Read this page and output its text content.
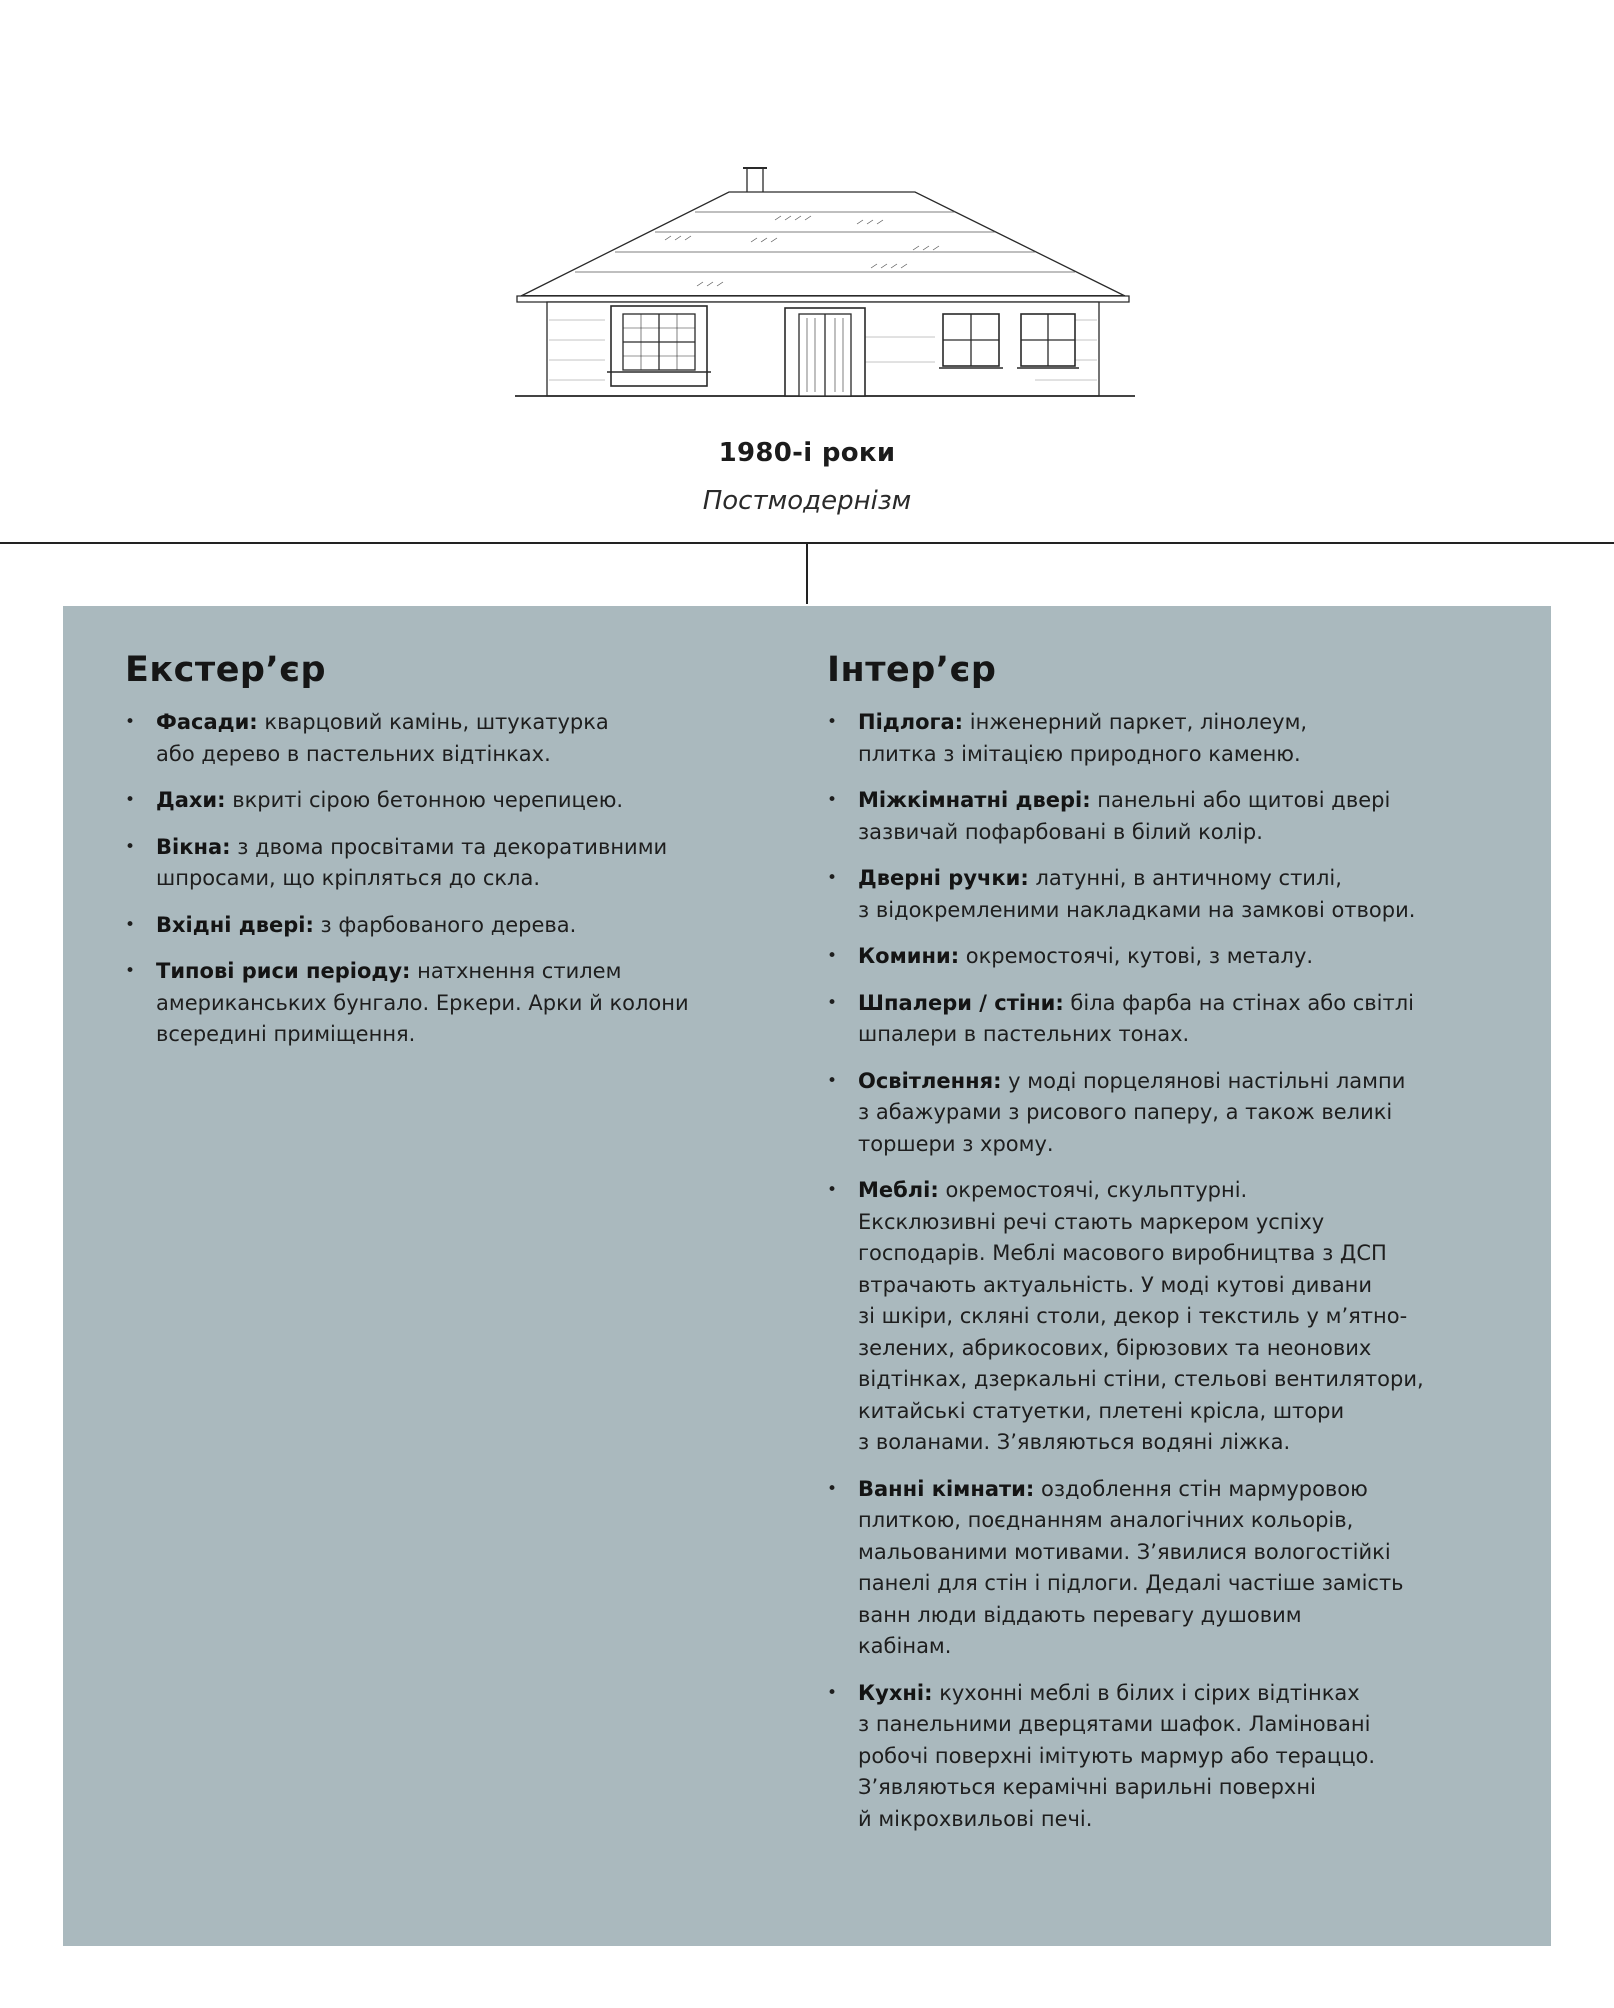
1980-і роки
Постмодернізм
Екстер’єр
• Фасади: кварцовий камінь, штукатурка
або дерево в пастельних відтінках.
• Дахи: вкриті сірою бетонною черепицею.
• Вікна: з двома просвітами та декоративними
шпросами, що кріпляться до скла.
• Вхідні двері: з фарбованого дерева.
• Типові риси періоду: натхнення стилем
американських бунгало. Еркери. Арки й колони
всередині приміщення.
Інтер’єр
• Підлога: інженерний паркет, лінолеум,
плитка з імітацією природного каменю.
• Міжкімнатні двері: панельні або щитові двері
зазвичай пофарбовані в білий колір.
• Дверні ручки: латунні, в античному стилі,
з відокремленими накладками на замкові отвори.
• Комини: окремостоячі, кутові, з металу.
• Шпалери / стіни: біла фарба на стінах або світлі
шпалери в пастельних тонах.
• Освітлення: у моді порцелянові настільні лампи
з абажурами з рисового паперу, а також великі
торшери з хрому.
• Меблі: окремостоячі, скульптурні.
Ексклюзивні речі стають маркером успіху
господарів. Меблі масового виробництва з ДСП
втрачають актуальність. У моді кутові дивани
зі шкіри, скляні столи, декор і текстиль у м’ятно-
зелених, абрикосових, бірюзових та неонових
відтінках, дзеркальні стіни, стельові вентилятори,
китайські статуетки, плетені крісла, штори
з воланами. З’являються водяні ліжка.
• Ванні кімнати: оздоблення стін мармуровою
плиткою, поєднанням аналогічних кольорів,
мальованими мотивами. З’явилися вологостійкі
панелі для стін і підлоги. Дедалі частіше замість
ванн люди віддають перевагу душовим
кабінам.
• Кухні: кухонні меблі в білих і сірих відтінках
з панельними дверцятами шафок. Ламіновані
робочі поверхні імітують мармур або тераццо.
З’являються керамічні варильні поверхні
й мікрохвильові печі.
